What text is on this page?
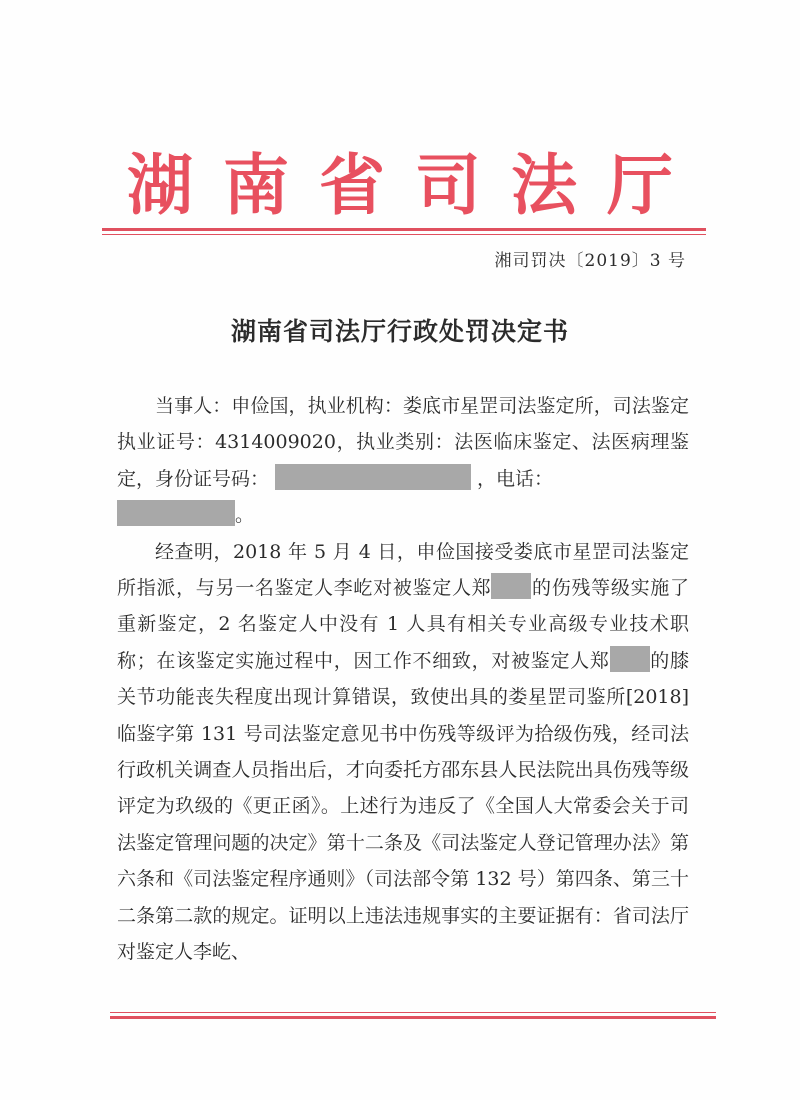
湖南省司法厅
湘司罚决〔2019〕3 号
湖南省司法厅行政处罚决定书

当事人：申俭国，执业机构：娄底市星罡司法鉴定所，司法鉴定执业证号：4314009020，执业类别：法医临床鉴定、法医病理鉴定，身份证号码：	，电话：
。

经查明，2018 年 5 月 4 日，申俭国接受娄底市星罡司法鉴定所指派，与另一名鉴定人李屹对被鉴定人郑 的伤残等级实施了重新鉴定，2 名鉴定人中没有 1 人具有相关专业高级专业技术职称；在该鉴定实施过程中，因工作不细致，对被鉴定人郑 的膝关节功能丧失程度出现计算错误，致使出具的娄星罡司鉴所[2018]临鉴字第 131 号司法鉴定意见书中伤残等级评为拾级伤残，经司法行政机关调查人员指出后，才向委托方邵东县人民法院出具伤残等级评定为玖级的《更正函》。上述行为违反了《全国人大常委会关于司法鉴定管理问题的决定》第十二条及《司法鉴定人登记管理办法》第六条和《司法鉴定程序通则》（司法部令第 132 号）第四条、第三十二条第二款的规定。证明以上违法违规事实的主要证据有：省司法厅对鉴定人李屹、
